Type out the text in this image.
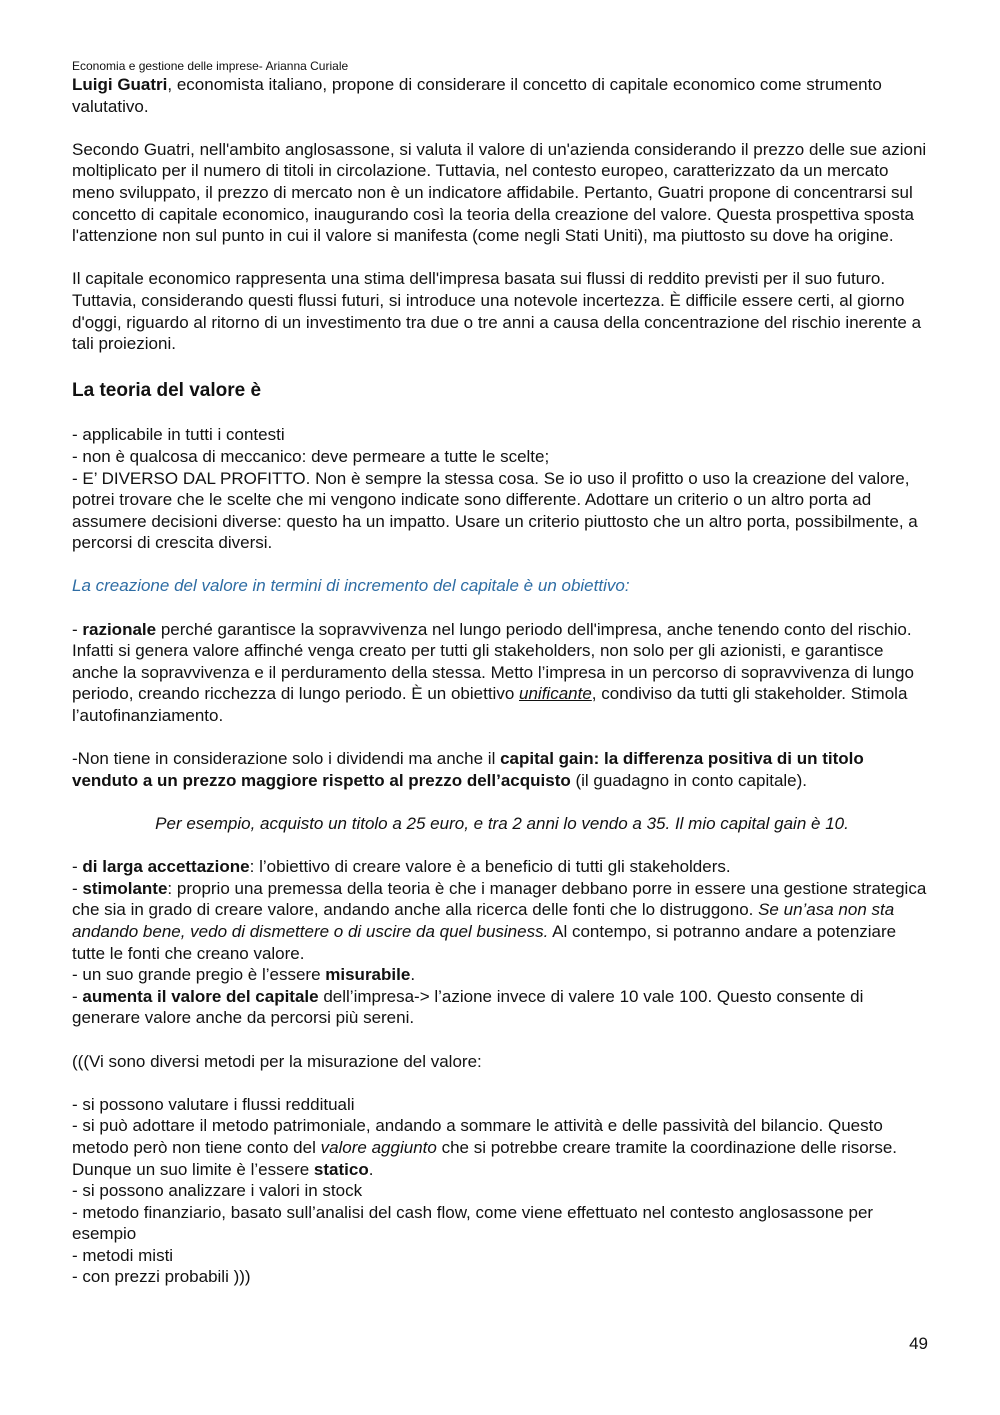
Economia e gestione delle imprese- Arianna Curiale

Luigi Guatri, economista italiano, propone di considerare il concetto di capitale economico come strumento valutativo.

Secondo Guatri, nell'ambito anglosassone, si valuta il valore di un'azienda considerando il prezzo delle sue azioni moltiplicato per il numero di titoli in circolazione. Tuttavia, nel contesto europeo, caratterizzato da un mercato meno sviluppato, il prezzo di mercato non è un indicatore affidabile. Pertanto, Guatri propone di concentrarsi sul concetto di capitale economico, inaugurando così la teoria della creazione del valore. Questa prospettiva sposta l'attenzione non sul punto in cui il valore si manifesta (come negli Stati Uniti), ma piuttosto su dove ha origine.

Il capitale economico rappresenta una stima dell'impresa basata sui flussi di reddito previsti per il suo futuro. Tuttavia, considerando questi flussi futuri, si introduce una notevole incertezza. È difficile essere certi, al giorno d'oggi, riguardo al ritorno di un investimento tra due o tre anni a causa della concentrazione del rischio inerente a tali proiezioni.

La teoria del valore è

- applicabile in tutti i contesti

- non è qualcosa di meccanico: deve permeare a tutte le scelte;

- E’ DIVERSO DAL PROFITTO. Non è sempre la stessa cosa. Se io uso il profitto o uso la creazione del valore, potrei trovare che le scelte che mi vengono indicate sono differente. Adottare un criterio o un altro porta ad assumere decisioni diverse: questo ha un impatto. Usare un criterio piuttosto che un altro porta, possibilmente, a percorsi di crescita diversi.

La creazione del valore in termini di incremento del capitale è un obiettivo:

- razionale perché garantisce la sopravvivenza nel lungo periodo dell'impresa, anche tenendo conto del rischio. Infatti si genera valore affinché venga creato per tutti gli stakeholders, non solo per gli azionisti, e garantisce anche la sopravvivenza e il perduramento della stessa. Metto l’impresa in un percorso di sopravvivenza di lungo periodo, creando ricchezza di lungo periodo. È un obiettivo unificante, condiviso da tutti gli stakeholder. Stimola l’autofinanziamento.

-Non tiene in considerazione solo i dividendi ma anche il capital gain: la differenza positiva di un titolo venduto a un prezzo maggiore rispetto al prezzo dell’acquisto (il guadagno in conto capitale).

Per esempio, acquisto un titolo a 25 euro, e tra 2 anni lo vendo a 35. Il mio capital gain è 10.

- di larga accettazione: l’obiettivo di creare valore è a beneficio di tutti gli stakeholders.

- stimolante: proprio una premessa della teoria è che i manager debbano porre in essere una gestione strategica che sia in grado di creare valore, andando anche alla ricerca delle fonti che lo distruggono. Se un’asa non sta andando bene, vedo di dismettere o di uscire da quel business. Al contempo, si potranno andare a potenziare tutte le fonti che creano valore.

- un suo grande pregio è l’essere misurabile.

- aumenta il valore del capitale dell’impresa-> l’azione invece di valere 10 vale 100. Questo consente di generare valore anche da percorsi più sereni.

(((Vi sono diversi metodi per la misurazione del valore:

- si possono valutare i flussi reddituali

- si può adottare il metodo patrimoniale, andando a sommare le attività e delle passività del bilancio. Questo metodo però non tiene conto del valore aggiunto che si potrebbe creare tramite la coordinazione delle risorse. Dunque un suo limite è l’essere statico.

- si possono analizzare i valori in stock

- metodo finanziario, basato sull’analisi del cash flow, come viene effettuato nel contesto anglosassone per esempio

- metodi misti

- con prezzi probabili )))

49
